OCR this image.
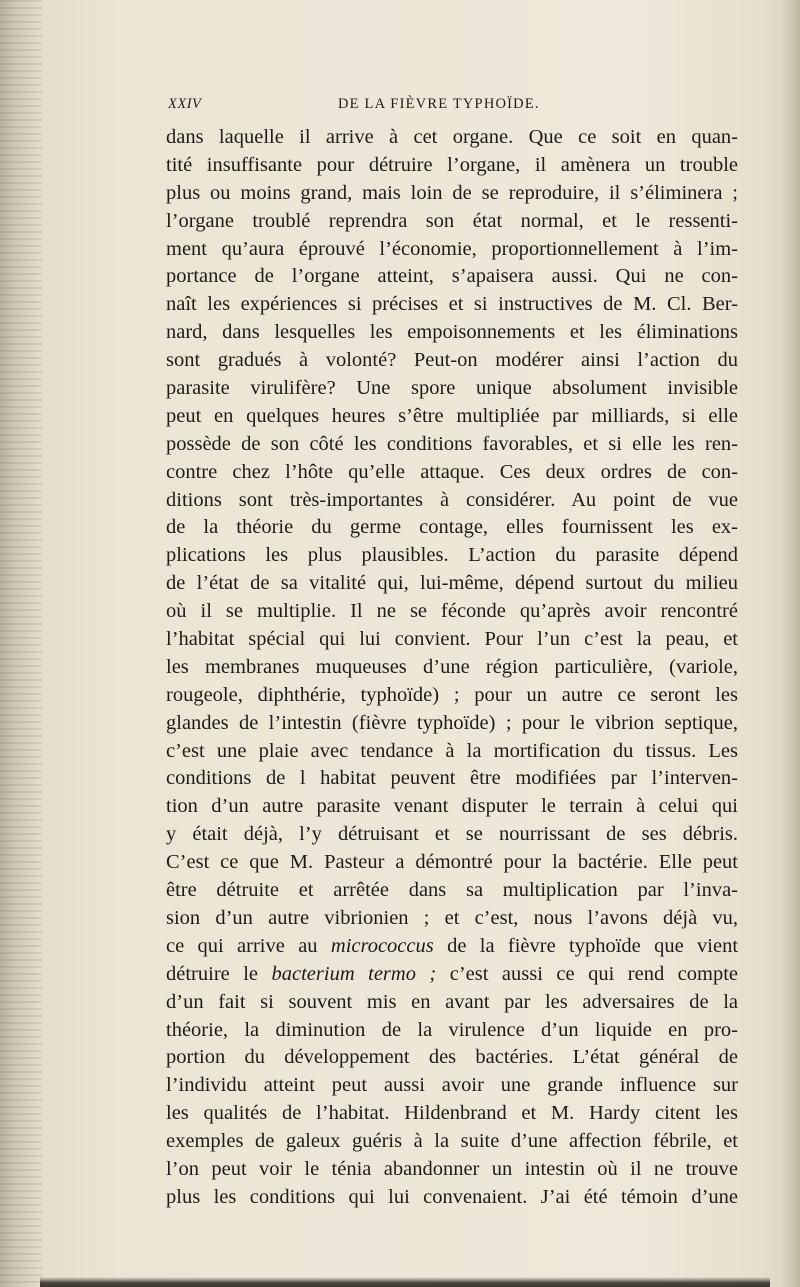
XXIV	DE LA FIÈVRE TYPHOÏDE.
dans laquelle il arrive à cet organe. Que ce soit en quan-
tité insuffisante pour détruire l’organe, il amènera un trouble
plus ou moins grand, mais loin de se reproduire, il s’éliminera ;
l’organe troublé reprendra son état normal, et le ressenti-
ment qu’aura éprouvé l’économie, proportionnellement à l’im-
portance de l’organe atteint, s’apaisera aussi. Qui ne con-
naît les expériences si précises et si instructives de M. Cl. Ber-
nard, dans lesquelles les empoisonnements et les éliminations
sont gradués à volonté? Peut-on modérer ainsi l’action du
parasite virulifère? Une spore unique absolument invisible
peut en quelques heures s’être multipliée par milliards, si elle
possède de son côté les conditions favorables, et si elle les ren-
contre chez l’hôte qu’elle attaque. Ces deux ordres de con-
ditions sont très-importantes à considérer. Au point de vue
de la théorie du germe contage, elles fournissent les ex-
plications les plus plausibles. L’action du parasite dépend
de l’état de sa vitalité qui, lui-même, dépend surtout du milieu
où il se multiplie. Il ne se féconde qu’après avoir rencontré
l’habitat spécial qui lui convient. Pour l’un c’est la peau, et
les membranes muqueuses d’une région particulière, (variole,
rougeole, diphthérie, typhoïde) ; pour un autre ce seront les
glandes de l’intestin (fièvre typhoïde) ; pour le vibrion septique,
c’est une plaie avec tendance à la mortification du tissus. Les
conditions de l habitat peuvent être modifiées par l’interven-
tion d’un autre parasite venant disputer le terrain à celui qui
y était déjà, l’y détruisant et se nourrissant de ses débris.
C’est ce que M. Pasteur a démontré pour la bactérie. Elle peut
être détruite et arrêtée dans sa multiplication par l’inva-
sion d’un autre vibrionien ; et c’est, nous l’avons déjà vu,
ce qui arrive au micrococcus de la fièvre typhoïde que vient
détruire le bacterium termo ; c’est aussi ce qui rend compte
d’un fait si souvent mis en avant par les adversaires de la
théorie, la diminution de la virulence d’un liquide en pro-
portion du développement des bactéries. L’état général de
l’individu atteint peut aussi avoir une grande influence sur
les qualités de l’habitat. Hildenbrand et M. Hardy citent les
exemples de galeux guéris à la suite d’une affection fébrile, et
l’on peut voir le ténia abandonner un intestin où il ne trouve
plus les conditions qui lui convenaient. J’ai été témoin d’une
